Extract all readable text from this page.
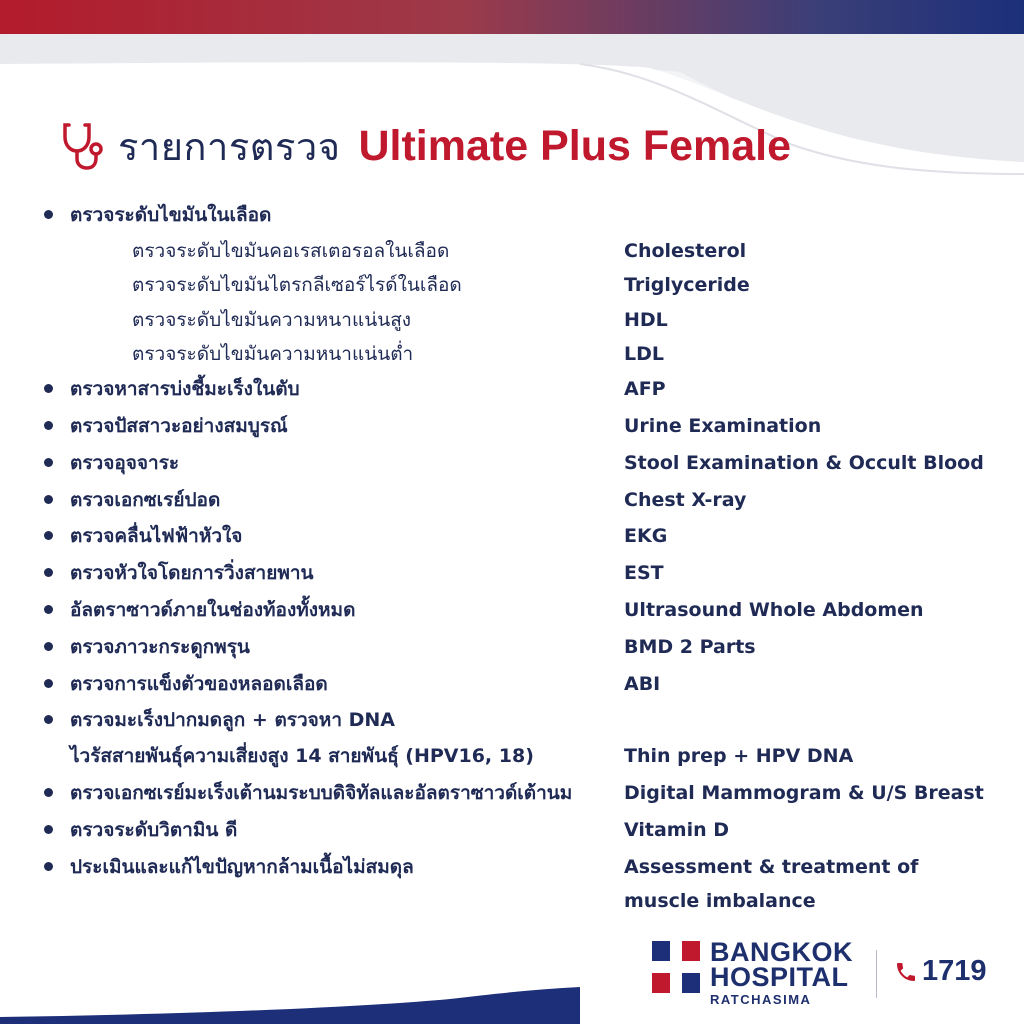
รายการตรวจ Ultimate Plus Female
ตรวจระดับไขมันในเลือด
ตรวจระดับไขมันคอเรสเตอรอลในเลือด	Cholesterol
ตรวจระดับไขมันไตรกลีเซอร์ไรด์ในเลือด	Triglyceride
ตรวจระดับไขมันความหนาแน่นสูง	HDL
ตรวจระดับไขมันความหนาแน่นต่ำ	LDL
ตรวจหาสารบ่งชี้มะเร็งในตับ	AFP
ตรวจปัสสาวะอย่างสมบูรณ์	Urine Examination
ตรวจอุจจาระ	Stool Examination & Occult Blood
ตรวจเอกซเรย์ปอด	Chest X-ray
ตรวจคลื่นไฟฟ้าหัวใจ	EKG
ตรวจหัวใจโดยการวิ่งสายพาน	EST
อัลตราซาวด์ภายในช่องท้องทั้งหมด	Ultrasound Whole Abdomen
ตรวจภาวะกระดูกพรุน	BMD 2 Parts
ตรวจการแข็งตัวของหลอดเลือด	ABI
ตรวจมะเร็งปากมดลูก + ตรวจหา DNA
ไวรัสสายพันธุ์ความเสี่ยงสูง 14 สายพันธุ์ (HPV16, 18)	Thin prep + HPV DNA
ตรวจเอกซเรย์มะเร็งเต้านมระบบดิจิทัลและอัลตราซาวด์เต้านม	Digital Mammogram & U/S Breast
ตรวจระดับวิตามิน ดี	Vitamin D
ประเมินและแก้ไขปัญหากล้ามเนื้อไม่สมดุล	Assessment & treatment of
muscle imbalance
BANGKOK
HOSPITAL
RATCHASIMA
1719
